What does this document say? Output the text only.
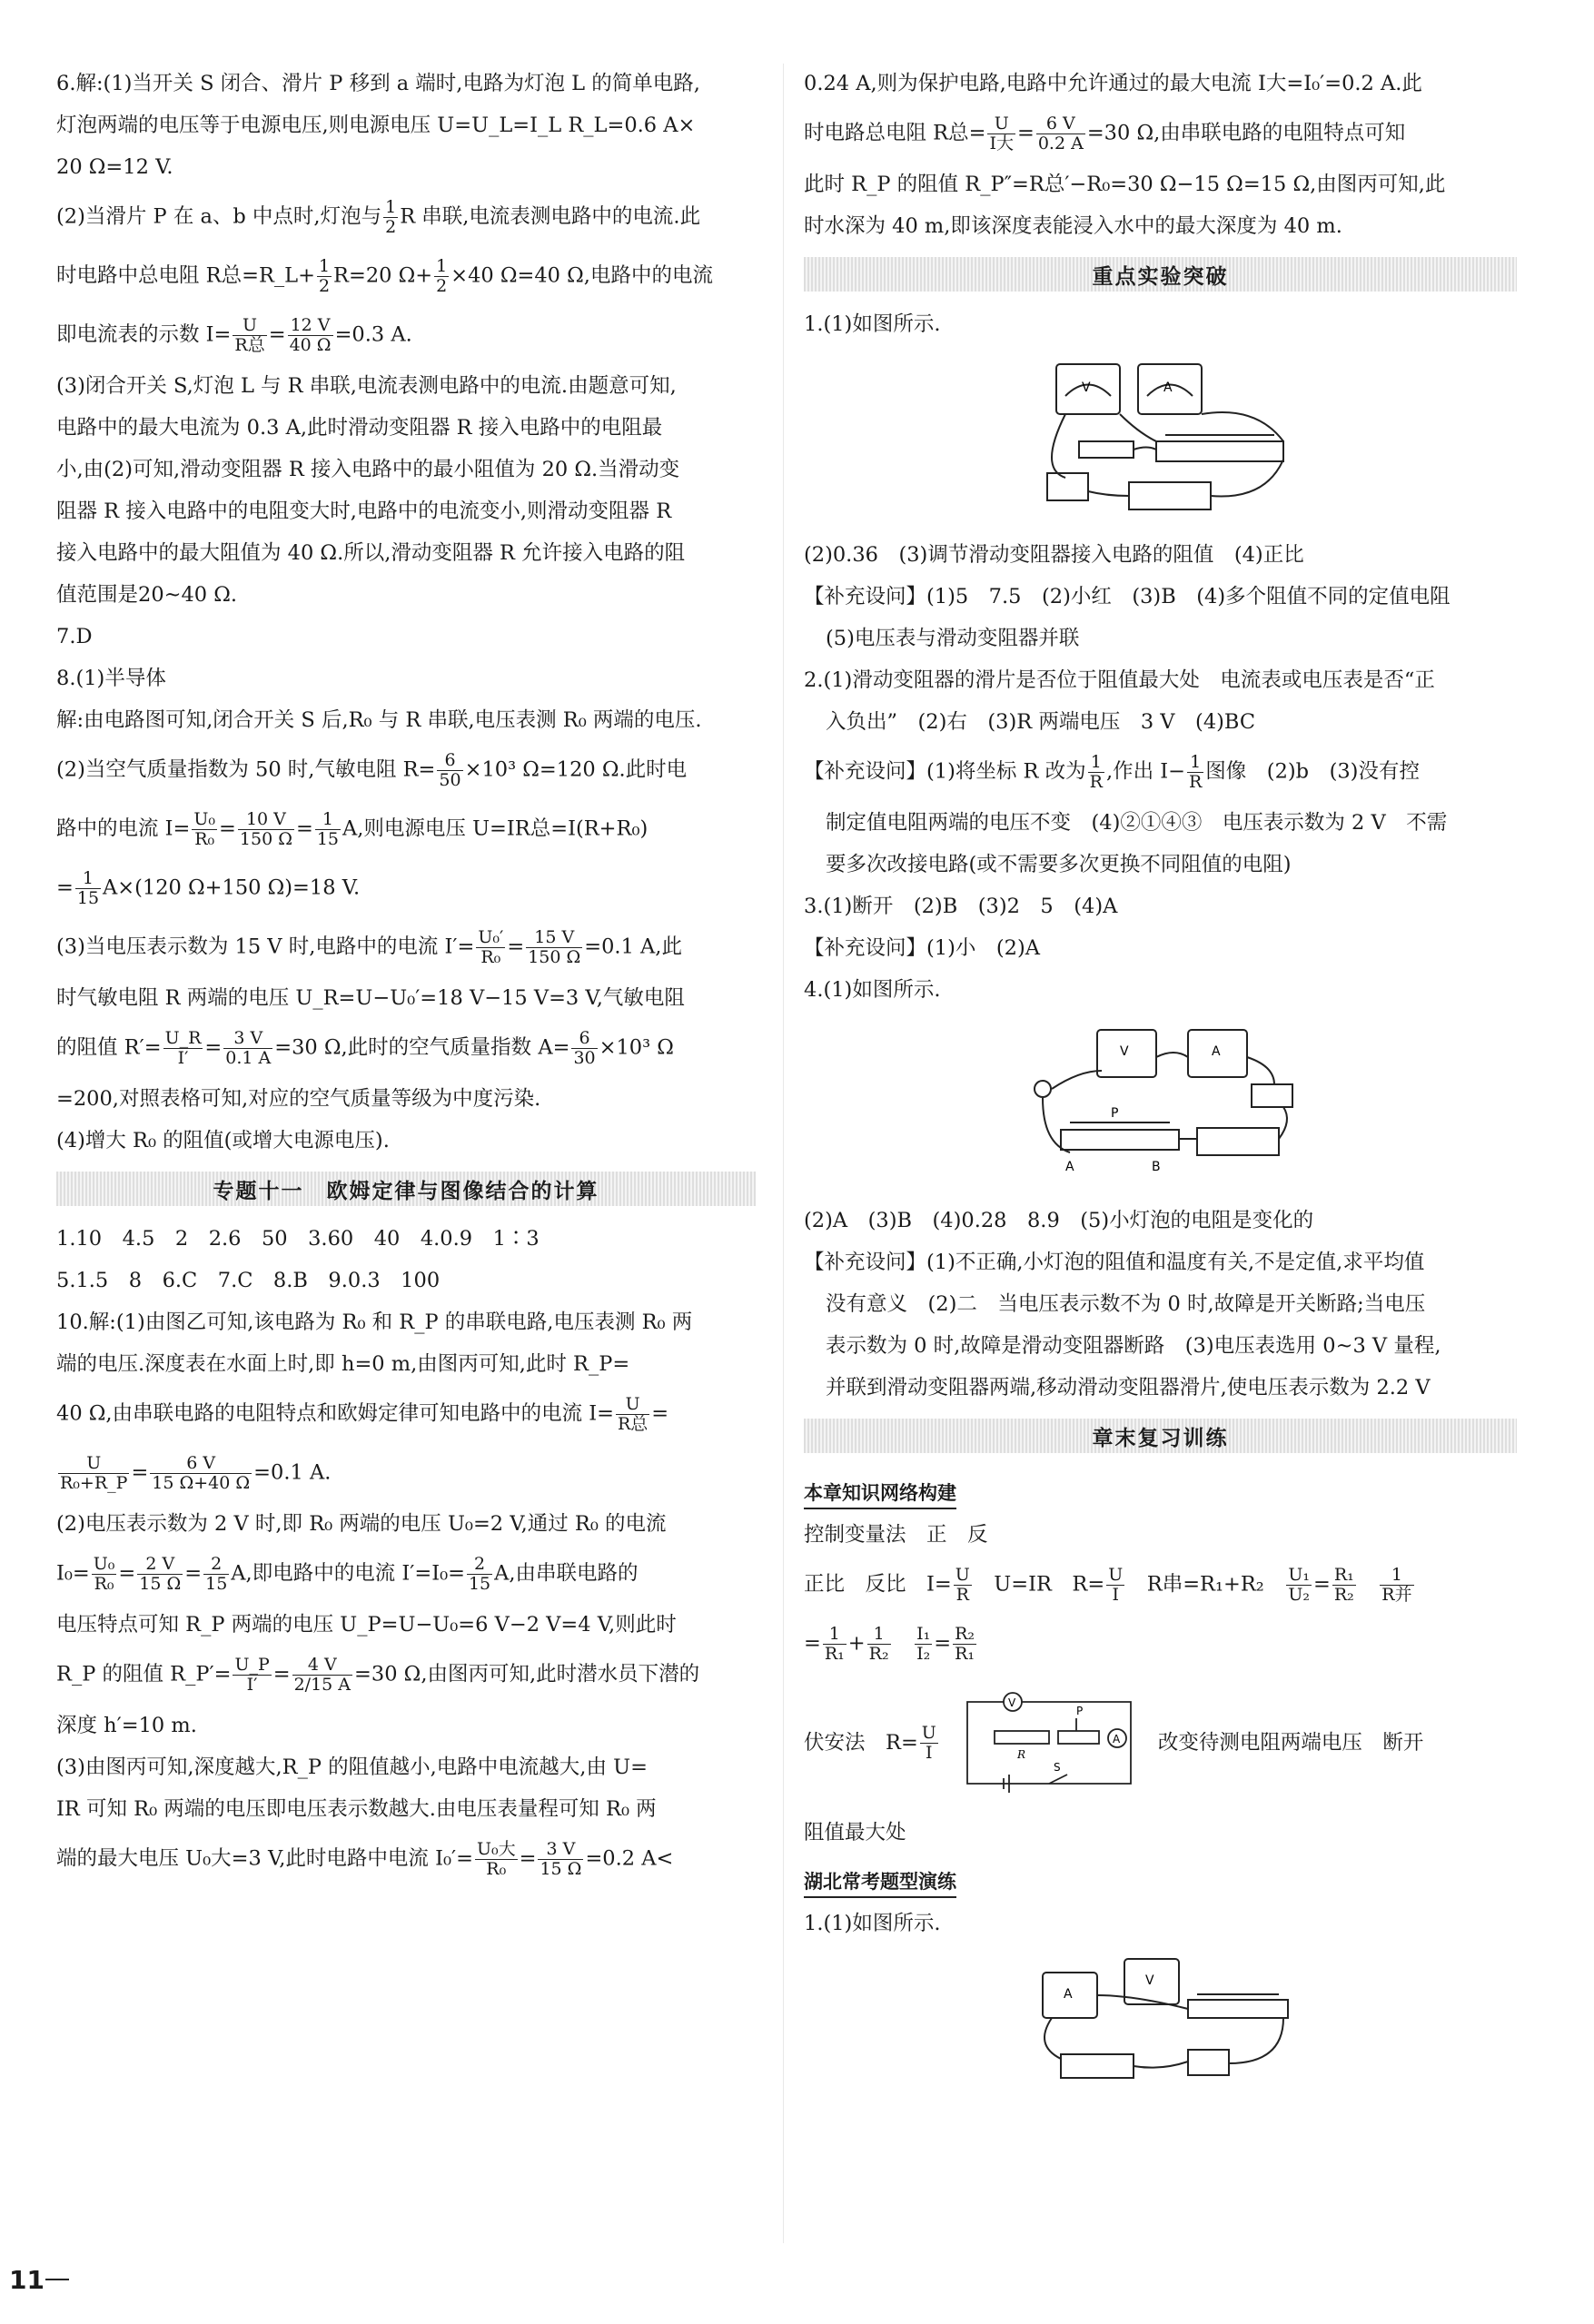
6.解:(1)当开关 S 闭合、滑片 P 移到 a 端时,电路为灯泡 L 的简单电路,
灯泡两端的电压等于电源电压,则电源电压 U=U_L=I_L R_L=0.6 A×
20 Ω=12 V.
(2)当滑片 P 在 a、b 中点时,灯泡与 $\frac{1}{2}$ R 串联,电流表测电路中的电流.此
时电路中总电阻 R总=R_L+ $\frac{1}{2} R=20$ $\Omega+ \frac{1}{2} \times 40$ Ω=40 Ω,电路中的电流
即电流表的示数 $I= \frac{U}{\text{R总}} = \frac{12 V}{40 \Omega} =0.3$ A.
(3)闭合开关 S,灯泡 L 与 R 串联,电流表测电路中的电流.由题意可知,
电路中的最大电流为 0.3 A,此时滑动变阻器 R 接入电路中的电阻最
小,由(2)可知,滑动变阻器 R 接入电路中的最小阻值为 20 Ω.当滑动变
阻器 R 接入电路中的电阻变大时,电路中的电流变小,则滑动变阻器 R
接入电路中的最大阻值为 40 Ω.所以,滑动变阻器 R 允许接入电路的阻
值范围是20~40 Ω.
7.D
8.(1)半导体
解:由电路图可知,闭合开关 S 后,R₀ 与 R 串联,电压表测 R₀ 两端的电压.
(2)当空气质量指数为 50 时,气敏电阻 $R= \frac{6}{50} \times 10^3$ Ω=120 Ω.此时电
路中的电流 $I= \frac{\text{U₀}}{\text{R₀}} = \frac{10 V}{150 \Omega} = \frac{1}{15} A$,则电源电压 U=IR总=I(R+R₀)
= $\frac{1}{15} A\times(120$ Ω+150 Ω)=18 V.
(3)当电压表示数为 15 V 时,电路中的电流 $I'= \frac{\text{U₀′}}{\text{R₀}} = \frac{15 V}{150 \Omega} =0.1$ A,此
时气敏电阻 R 两端的电压 U_R=U−U₀′=18 V−15 V=3 V,气敏电阻
的阻值 $R'= \frac{U\_R}{I'} = \frac{3 V}{0.1 A} =30$ Ω,此时的空气质量指数 $A= \frac{6}{30} \times 10^3$ Ω
=200,对照表格可知,对应的空气质量等级为中度污染.
(4)增大 R₀ 的阻值(或增大电源电压).
专题十一　欧姆定律与图像结合的计算
1.10　4.5　2　2.6　50　3.60　40　4.0.9　1∶3
5.1.5　8　6.C　7.C　8.B　9.0.3　100
10.解:(1)由图乙可知,该电路为 R₀ 和 R_P 的串联电路,电压表测 R₀ 两
端的电压.深度表在水面上时,即 h=0 m,由图丙可知,此时 R_P=
40 Ω,由串联电路的电阻特点和欧姆定律可知电路中的电流 $I= \frac{U}{\text{R总}}$ =
$\frac{U}{\text{R₀+R\_P}} = \frac{6 V}{15 \Omega+40 \Omega} =0.1$ A.
(2)电压表示数为 2 V 时,即 R₀ 两端的电压 U₀=2 V,通过 R₀ 的电流
$I_0= \frac{\text{U₀}}{\text{R₀}} = \frac{2 V}{15 \Omega} = \frac{2}{15} A$,即电路中的电流 $I'=I_0= \frac{2}{15} A$,由串联电路的
电压特点可知 R_P 两端的电压 U_P=U−U₀=6 V−2 V=4 V,则此时
R_P 的阻值 R_P′= $\frac{U\_P}{I'} = \frac{4 V}{2/15 A} =30$ Ω,由图丙可知,此时潜水员下潜的
深度 h′=10 m.
(3)由图丙可知,深度越大,R_P 的阻值越小,电路中电流越大,由 U=
IR 可知 R₀ 两端的电压即电压表示数越大.由电压表量程可知 R₀ 两
端的最大电压 U₀大=3 V,此时电路中电流 $I_0'= \frac{\text{U₀大}}{\text{R₀}} = \frac{3 V}{15 \Omega} =0.2$ A<
0.24 A,则为保护电路,电路中允许通过的最大电流 I大=I₀′=0.2 A.此
时电路总电阻 R总= $\frac{U}{\text{I大}} = \frac{6 V}{0.2 A} =30$ Ω,由串联电路的电阻特点可知
此时 R_P 的阻值 R_P″=R总′−R₀=30 Ω−15 Ω=15 Ω,由图丙可知,此
时水深为 40 m,即该深度表能浸入水中的最大深度为 40 m.
重点实验突破
1.(1)如图所示.
V	A
(2)0.36　(3)调节滑动变阻器接入电路的阻值　(4)正比
【补充设问】(1)5　7.5　(2)小红　(3)B　(4)多个阻值不同的定值电阻
(5)电压表与滑动变阻器并联
2.(1)滑动变阻器的滑片是否位于阻值最大处　电流表或电压表是否“正
入负出”　(2)右　(3)R 两端电压　3 V　(4)BC
【补充设问】(1)将坐标 R 改为 $\frac{1}{R}$ ,作出 $I- \frac{1}{R}$ 图像　(2)b　(3)没有控
制定值电阻两端的电压不变　(4)②①④③　电压表示数为 2 V　不需
要多次改接电路(或不需要多次更换不同阻值的电阻)
3.(1)断开　(2)B　(3)2　5　(4)A
【补充设问】(1)小　(2)A
4.(1)如图所示.
V	A
P
A	B
(2)A　(3)B　(4)0.28　8.9　(5)小灯泡的电阻是变化的
【补充设问】(1)不正确,小灯泡的阻值和温度有关,不是定值,求平均值
没有意义　(2)二　当电压表示数不为 0 时,故障是开关断路;当电压
表示数为 0 时,故障是滑动变阻器断路　(3)电压表选用 0~3 V 量程,
并联到滑动变阻器两端,移动滑动变阻器滑片,使电压表示数为 2.2 V
章末复习训练
本章知识网络构建
控制变量法　正　反
正比　反比　$I= \frac{U}{R}$
　 U=IR　$R= \frac{U}{I}$
　 R串=R₁+R₂　 $\frac{\text{U₁}}{\text{U₂}} = \frac{\text{R₁}}{\text{R₂}}$
　 $\frac{1}{\text{R并}}$
= $\frac{1}{\text{R₁}} + \frac{1}{\text{R₂}}$
　 $\frac{\text{I₁}}{\text{I₂}} = \frac{\text{R₂}}{\text{R₁}}$
伏安法　$R= \frac{U}{I}$
V
A
P
R
S
改变待测电阻两端电压　断开
阻值最大处
湖北常考题型演练
1.(1)如图所示.
A
V
11
